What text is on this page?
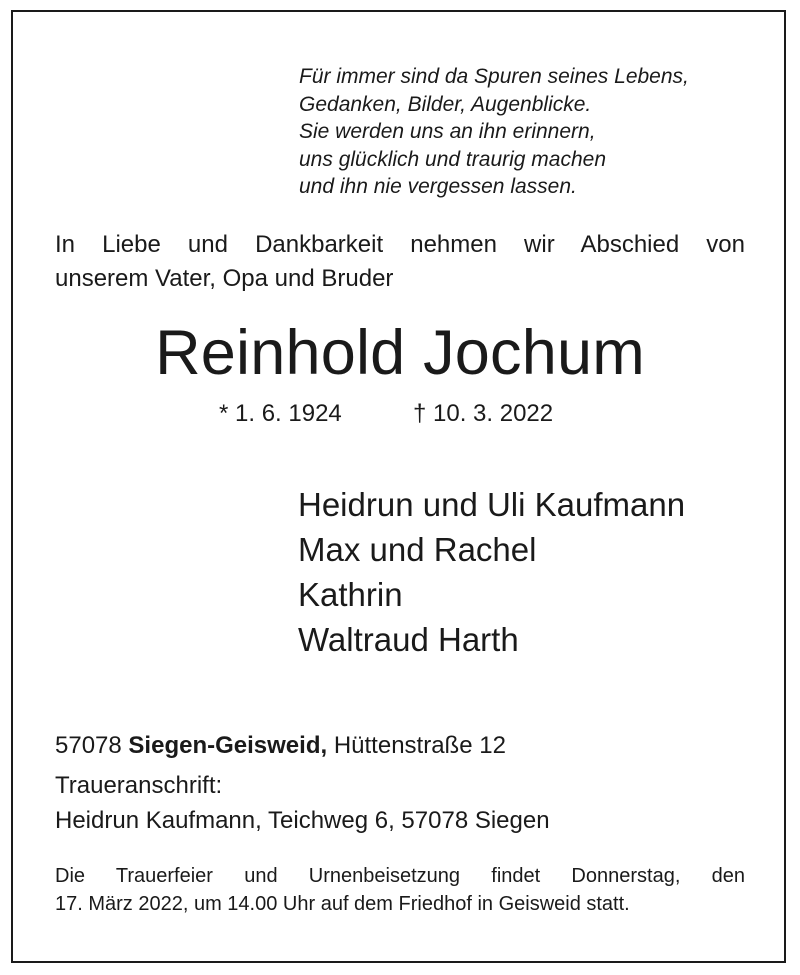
Für immer sind da Spuren seines Lebens,
Gedanken, Bilder, Augenblicke.
Sie werden uns an ihn erinnern,
uns glücklich und traurig machen
und ihn nie vergessen lassen.
In Liebe und Dankbarkeit nehmen wir Abschied von
unserem Vater, Opa und Bruder
Reinhold Jochum
* 1. 6. 1924	† 10. 3. 2022
Heidrun und Uli Kaufmann
Max und Rachel
Kathrin
Waltraud Harth
57078 Siegen-Geisweid, Hüttenstraße 12
Traueranschrift:
Heidrun Kaufmann, Teichweg 6, 57078 Siegen
Die Trauerfeier und Urnenbeisetzung findet Donnerstag, den
17. März 2022, um 14.00 Uhr auf dem Friedhof in Geisweid statt.
